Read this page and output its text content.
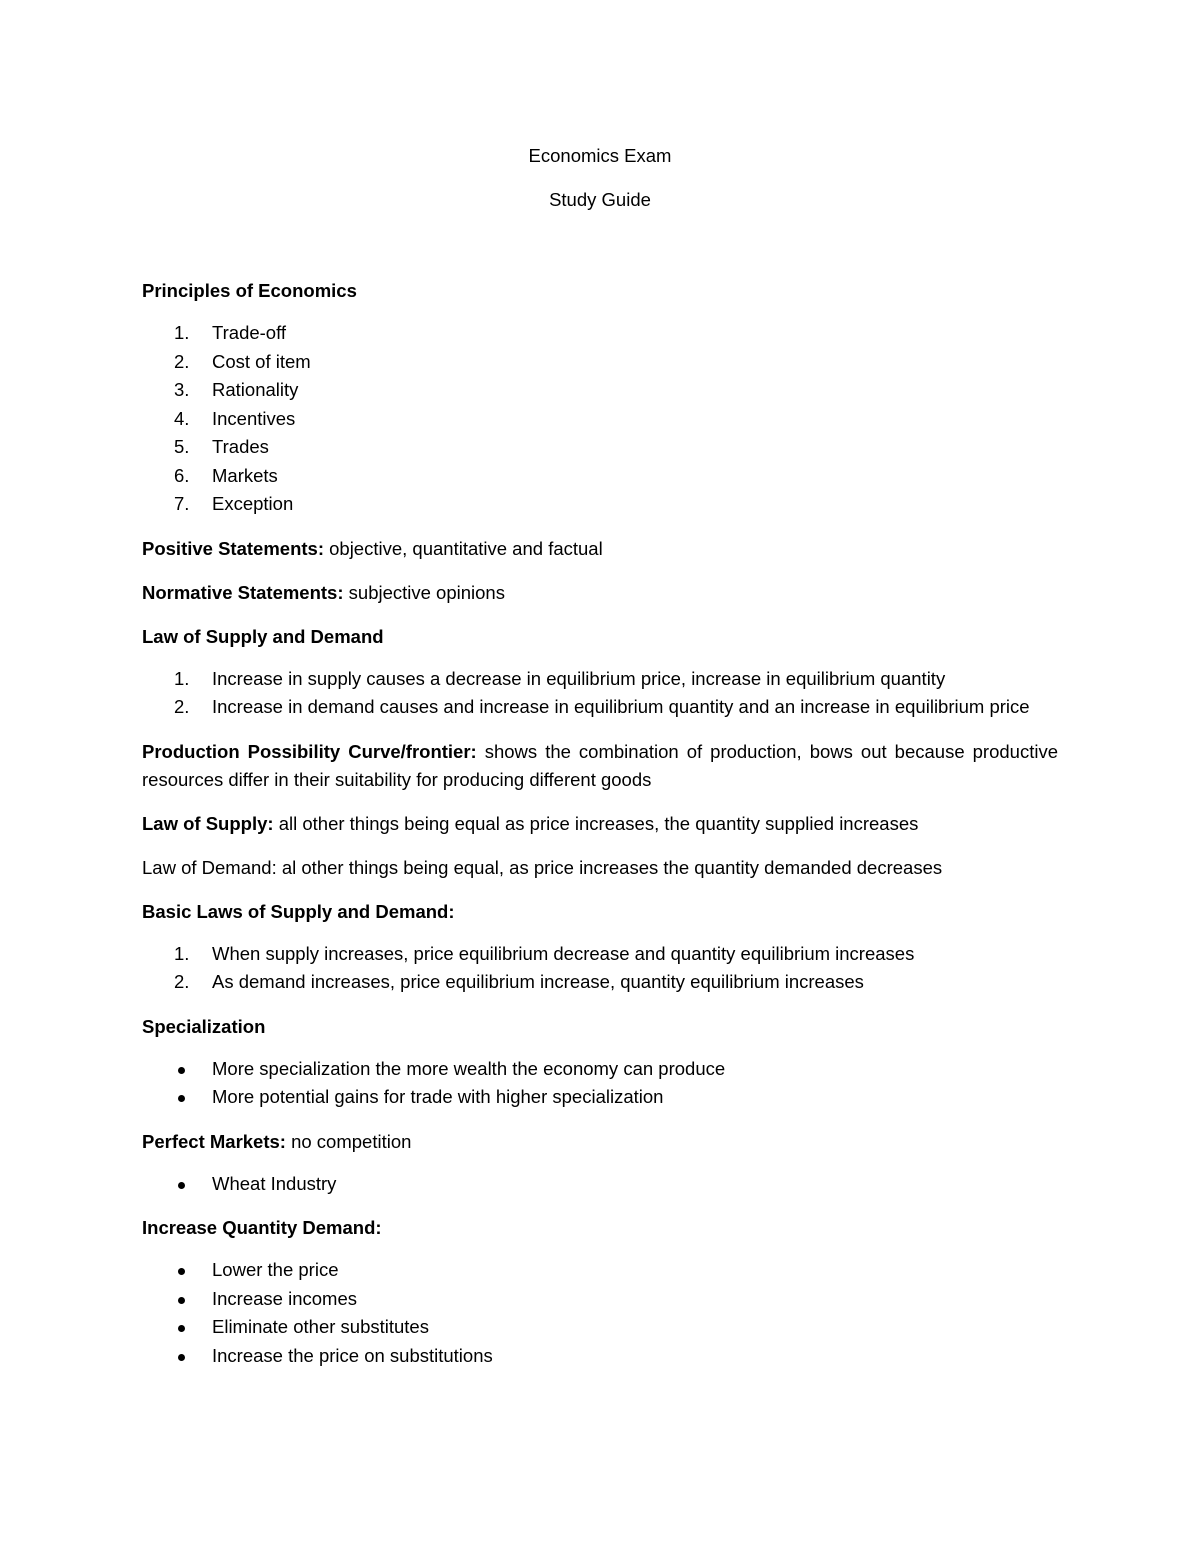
Economics Exam

Study Guide

Principles of Economics

1. Trade-off
2. Cost of item
3. Rationality
4. Incentives
5. Trades
6. Markets
7. Exception

Positive Statements: objective, quantitative and factual

Normative Statements: subjective opinions

Law of Supply and Demand

1. Increase in supply causes a decrease in equilibrium price, increase in equilibrium quantity
2. Increase in demand causes and increase in equilibrium quantity and an increase in equilibrium price

Production Possibility Curve/frontier: shows the combination of production, bows out because productive resources differ in their suitability for producing different goods

Law of Supply: all other things being equal as price increases, the quantity supplied increases

Law of Demand: al other things being equal, as price increases the quantity demanded decreases

Basic Laws of Supply and Demand:

1. When supply increases, price equilibrium decrease and quantity equilibrium increases
2. As demand increases, price equilibrium increase, quantity equilibrium increases

Specialization

More specialization the more wealth the economy can produce
More potential gains for trade with higher specialization

Perfect Markets: no competition

Wheat Industry

Increase Quantity Demand:

Lower the price
Increase incomes
Eliminate other substitutes
Increase the price on substitutions
